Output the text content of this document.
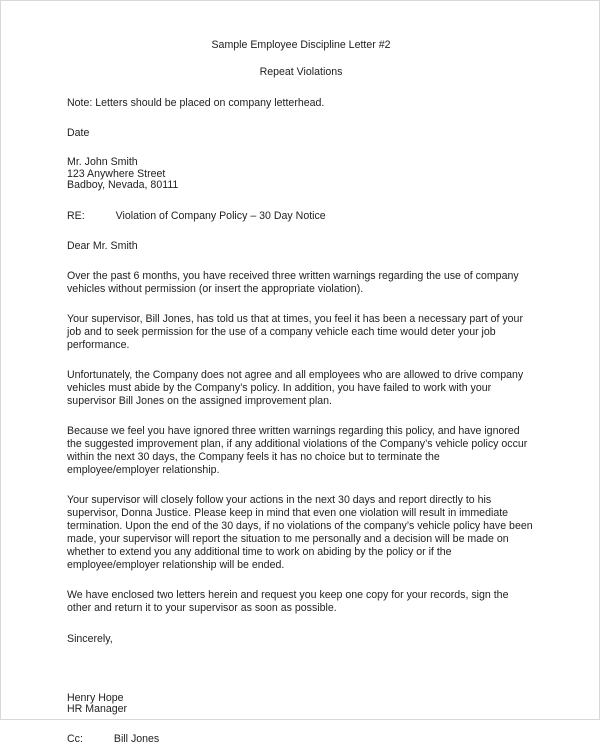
Sample Employee Discipline Letter #2
Repeat Violations
Note: Letters should be placed on company letterhead.
Date
Mr. John Smith
123 Anywhere Street
Badboy, Nevada, 80111
RE:	Violation of Company Policy – 30 Day Notice
Dear Mr. Smith

Over the past 6 months, you have received three written warnings regarding the use of company vehicles without permission (or insert the appropriate violation).

Your supervisor, Bill Jones, has told us that at times, you feel it has been a necessary part of your job and to seek permission for the use of a company vehicle each time would deter your job performance.

Unfortunately, the Company does not agree and all employees who are allowed to drive company vehicles must abide by the Company’s policy. In addition, you have failed to work with your supervisor Bill Jones on the assigned improvement plan.

Because we feel you have ignored three written warnings regarding this policy, and have ignored the suggested improvement plan, if any additional violations of the Company’s vehicle policy occur within the next 30 days, the Company feels it has no choice but to terminate the employee/employer relationship.

Your supervisor will closely follow your actions in the next 30 days and report directly to his supervisor, Donna Justice. Please keep in mind that even one violation will result in immediate termination. Upon the end of the 30 days, if no violations of the company’s vehicle policy have been made, your supervisor will report the situation to me personally and a decision will be made on whether to extend you any additional time to work on abiding by the policy or if the employee/employer relationship will be ended.

We have enclosed two letters herein and request you keep one copy for your records, sign the other and return it to your supervisor as soon as possible.

Sincerely,
Henry Hope
HR Manager
Cc:	Bill Jones
